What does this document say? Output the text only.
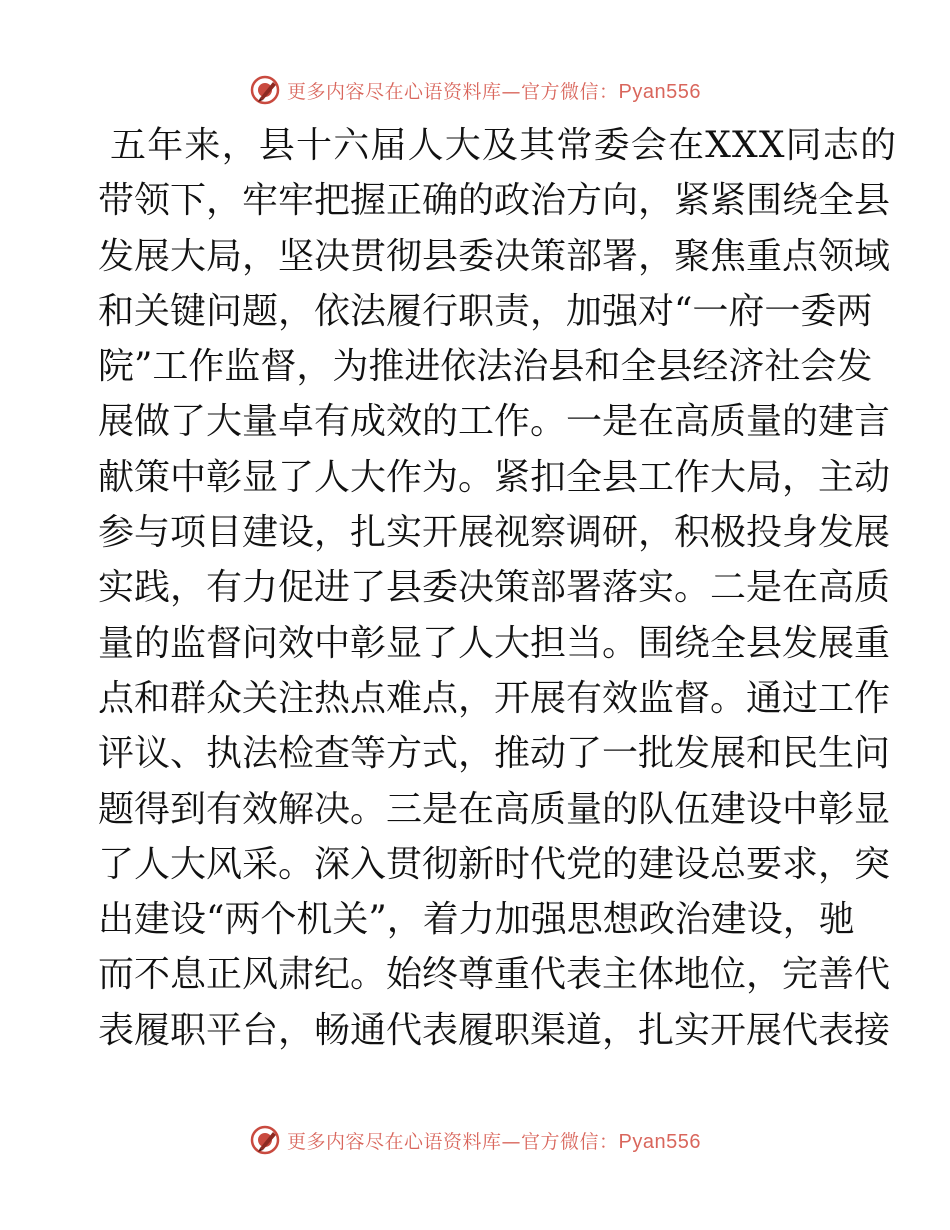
更多内容尽在心语资料库—官方微信：Pyan556
五年来，县十六届人大及其常委会在XXX同志的
带领下，牢牢把握正确的政治方向，紧紧围绕全县
发展大局，坚决贯彻县委决策部署，聚焦重点领域
和关键问题，依法履行职责，加强对“一府一委两
院”工作监督，为推进依法治县和全县经济社会发
展做了大量卓有成效的工作。一是在高质量的建言
献策中彰显了人大作为。紧扣全县工作大局，主动
参与项目建设，扎实开展视察调研，积极投身发展
实践，有力促进了县委决策部署落实。二是在高质
量的监督问效中彰显了人大担当。围绕全县发展重
点和群众关注热点难点，开展有效监督。通过工作
评议、执法检查等方式，推动了一批发展和民生问
题得到有效解决。三是在高质量的队伍建设中彰显
了人大风采。深入贯彻新时代党的建设总要求，突
出建设“两个机关”，着力加强思想政治建设，驰
而不息正风肃纪。始终尊重代表主体地位，完善代
表履职平台，畅通代表履职渠道，扎实开展代表接
更多内容尽在心语资料库—官方微信：Pyan556
